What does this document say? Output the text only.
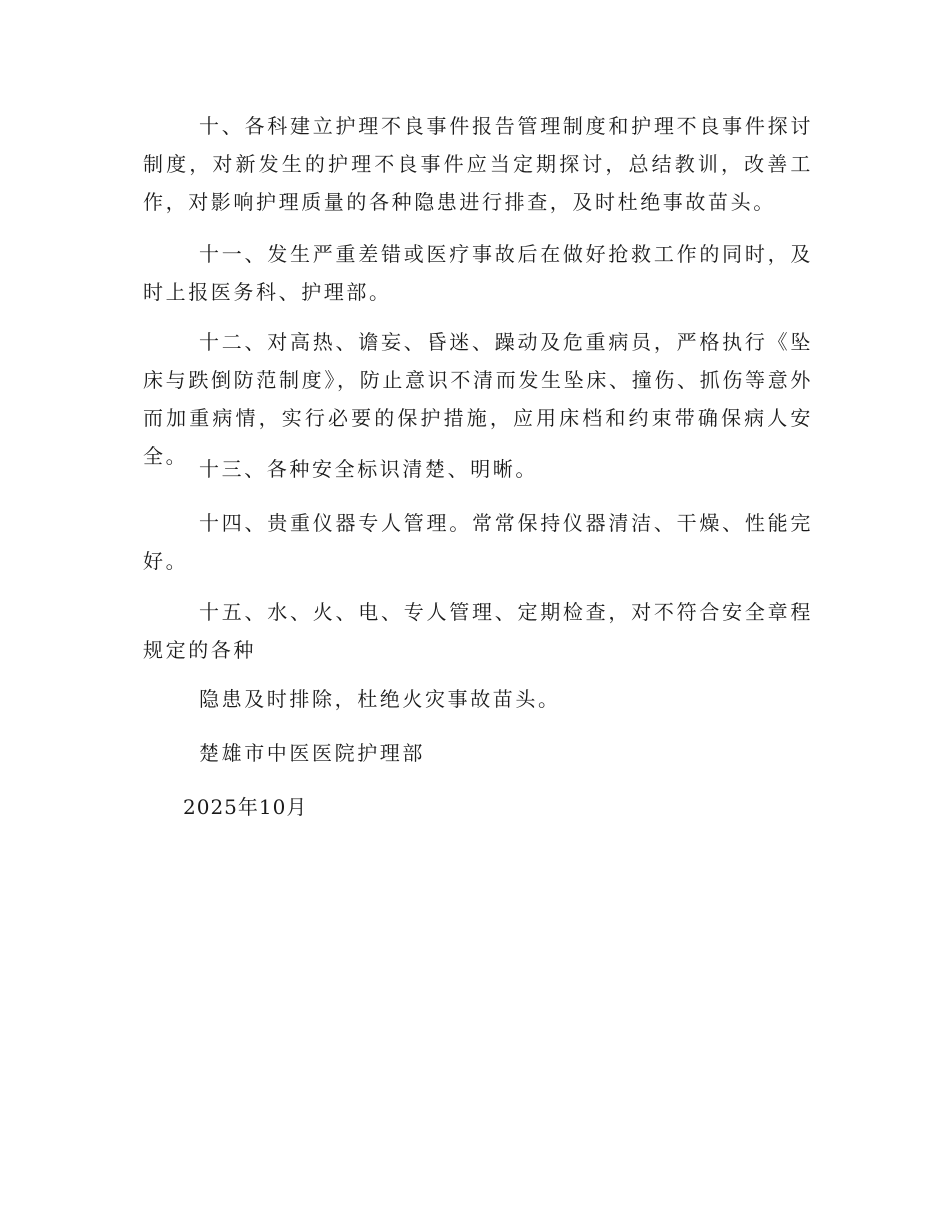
十、各科建立护理不良事件报告管理制度和护理不良事件探讨制度，对新发生的护理不良事件应当定期探讨，总结教训，改善工作，对影响护理质量的各种隐患进行排查，及时杜绝事故苗头。

十一、发生严重差错或医疗事故后在做好抢救工作的同时，及时上报医务科、护理部。

十二、对高热、谵妄、昏迷、躁动及危重病员，严格执行《坠床与跌倒防范制度》，防止意识不清而发生坠床、撞伤、抓伤等意外而加重病情，实行必要的保护措施，应用床档和约束带确保病人安全。

十三、各种安全标识清楚、明晰。

十四、贵重仪器专人管理。常常保持仪器清洁、干燥、性能完好。

十五、水、火、电、专人管理、定期检查，对不符合安全章程规定的各种

隐患及时排除，杜绝火灾事故苗头。

楚雄市中医医院护理部

2025年10月
